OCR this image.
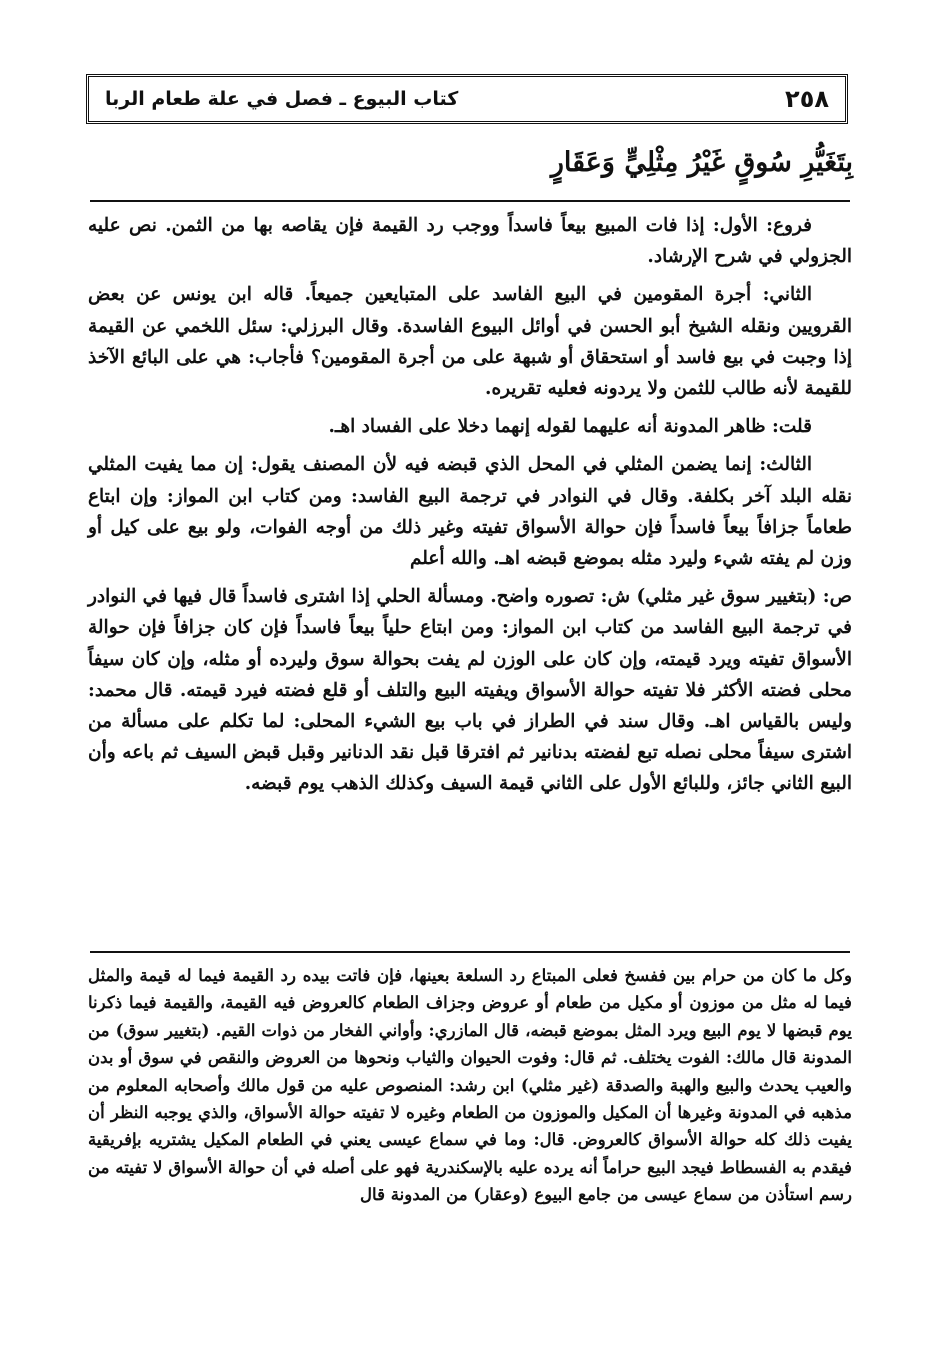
٢٥٨
كتاب البيوع ـ فصل في علة طعام الربا
بِتَغَيُّرِ سُوقٍ غَيْرُ مِثْلِيٍّ وَعَقَارٍ

فروع: الأول: إذا فات المبيع بيعاً فاسداً ووجب رد القيمة فإن يقاصه بها من الثمن. نص عليه الجزولي في شرح الإرشاد.

الثاني: أجرة المقومين في البيع الفاسد على المتبايعين جميعاً. قاله ابن يونس عن بعض القرويين ونقله الشيخ أبو الحسن في أوائل البيوع الفاسدة. وقال البرزلي: سئل اللخمي عن القيمة إذا وجبت في بيع فاسد أو استحقاق أو شبهة على من أجرة المقومين؟ فأجاب: هي على البائع الآخذ للقيمة لأنه طالب للثمن ولا يردونه فعليه تقريره.

قلت: ظاهر المدونة أنه عليهما لقوله إنهما دخلا على الفساد اهـ.

الثالث: إنما يضمن المثلي في المحل الذي قبضه فيه لأن المصنف يقول: إن مما يفيت المثلي نقله البلد آخر بكلفة. وقال في النوادر في ترجمة البيع الفاسد: ومن كتاب ابن المواز: وإن ابتاع طعاماً جزافاً بيعاً فاسداً فإن حوالة الأسواق تفيته وغير ذلك من أوجه الفوات، ولو بيع على كيل أو وزن لم يفته شيء وليرد مثله بموضع قبضه اهـ. والله أعلم

ص: (بتغيير سوق غير مثلي) ش: تصوره واضح. ومسألة الحلي إذا اشترى فاسداً قال فيها في النوادر في ترجمة البيع الفاسد من كتاب ابن المواز: ومن ابتاع حلياً بيعاً فاسداً فإن كان جزافاً فإن حوالة الأسواق تفيته ويرد قيمته، وإن كان على الوزن لم يفت بحوالة سوق وليرده أو مثله، وإن كان سيفاً محلى فضته الأكثر فلا تفيته حوالة الأسواق ويفيته البيع والتلف أو قلع فضته فيرد قيمته. قال محمد: وليس بالقياس اهـ. وقال سند في الطراز في باب بيع الشيء المحلى: لما تكلم على مسألة من اشترى سيفاً محلى نصله تبع لفضته بدنانير ثم افترقا قبل نقد الدنانير وقبل قبض السيف ثم باعه وأن البيع الثاني جائز، وللبائع الأول على الثاني قيمة السيف وكذلك الذهب يوم قبضه.

وكل ما كان من حرام بين ففسخ فعلى المبتاع رد السلعة بعينها، فإن فاتت بيده رد القيمة فيما له قيمة والمثل فيما له مثل من موزون أو مكيل من طعام أو عروض وجزاف الطعام كالعروض فيه القيمة، والقيمة فيما ذكرنا يوم قبضها لا يوم البيع ويرد المثل بموضع قبضه، قال المازري: وأواني الفخار من ذوات القيم. (بتغيير سوق) من المدونة قال مالك: الفوت يختلف. ثم قال: وفوت الحيوان والثياب ونحوها من العروض والنقص في سوق أو بدن والعيب يحدث والبيع والهبة والصدقة (غير مثلي) ابن رشد: المنصوص عليه من قول مالك وأصحابه المعلوم من مذهبه في المدونة وغيرها أن المكيل والموزون من الطعام وغيره لا تفيته حوالة الأسواق، والذي يوجبه النظر أن يفيت ذلك كله حوالة الأسواق كالعروض. قال: وما في سماع عيسى يعني في الطعام المكيل يشتريه بإفريقية فيقدم به الفسطاط فيجد البيع حراماً أنه يرده عليه بالإسكندرية فهو على أصله في أن حوالة الأسواق لا تفيته من رسم استأذن من سماع عيسى من جامع البيوع (وعقار) من المدونة قال
